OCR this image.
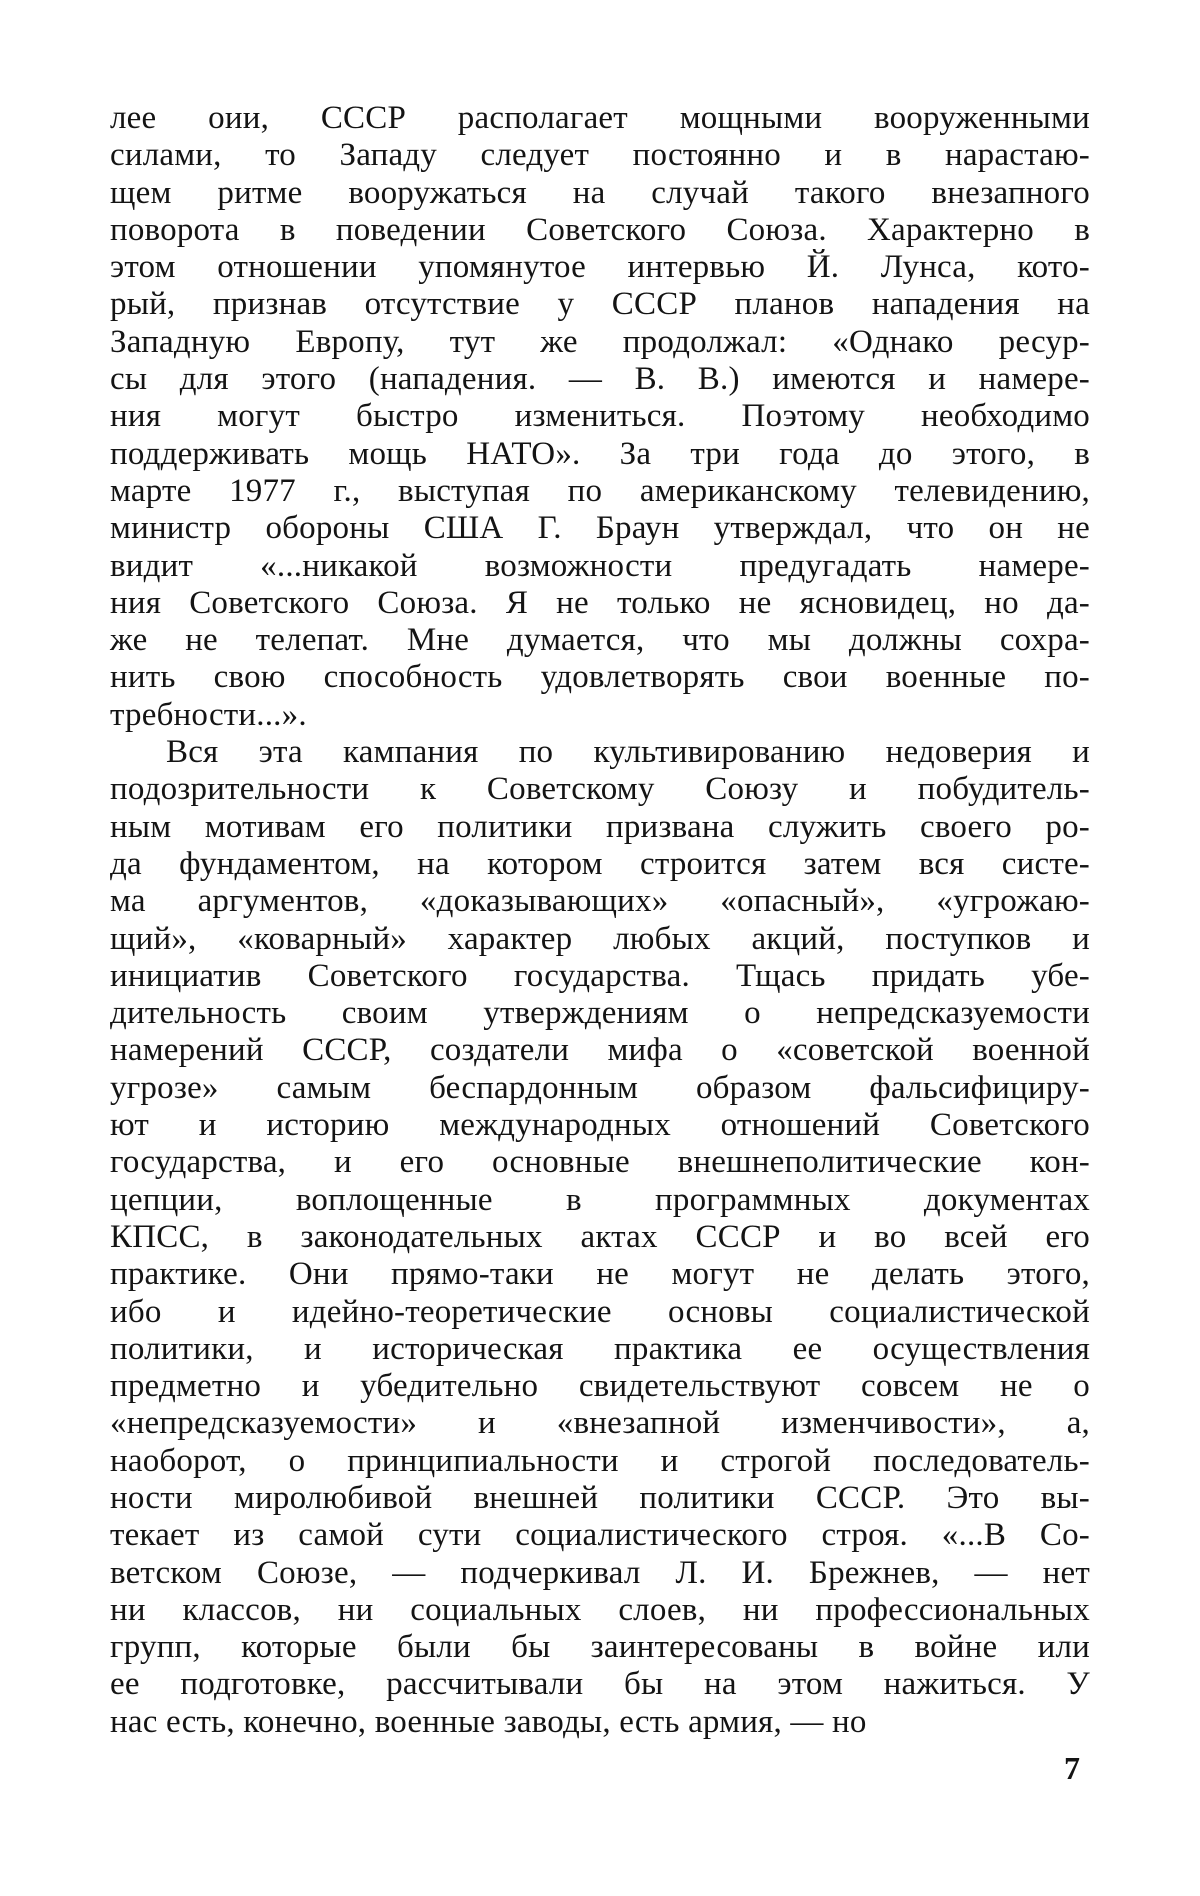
лее оии, СССР располагает мощными вооруженными
силами, то Западу следует постоянно и в нарастаю-
щем ритме вооружаться на случай такого внезапного
поворота в поведении Советского Союза. Характерно в
этом отношении упомянутое интервью Й. Лунса, кото-
рый, признав отсутствие у СССР планов нападения на
Западную Европу, тут же продолжал: «Однако ресур-
сы для этого (нападения. — В. В.) имеются и намере-
ния могут быстро изменитьcя. Поэтому необходимо
поддерживать мощь НАТО». За три года до этого, в
марте 1977 г., выступая по американскому телевидению,
министр обороны США Г. Браун утверждал, что он не
видит «...никакой возможности предугадать намере-
ния Советского Союза. Я не только не ясновидец, но да-
же не телепат. Мне думается, что мы должны сохра-
нить свою способность удовлетворять свои военные по-
требности...».
Вся эта кампания по культивированию недоверия и
подозрительности к Советскому Союзу и побудитель-
ным мотивам его политики призвана служить своего ро-
да фундаментом, на котором строится затем вся систе-
ма аргументов, «доказывающих» «опасный», «угрожаю-
щий», «коварный» характер любых акций, поступков и
инициатив Советского государства. Тщась придать убе-
дительность своим утверждениям о непредсказуемости
намерений СССР, создатели мифа о «советской военной
угрозе» самым беспардонным образом фальсифициру-
ют и историю международных отношений Советского
государства, и его основные внешнеполитические кон-
цепции, воплощенные в программных документах
КПСС, в законодательных актах СССР и во всей его
практике. Они прямо-таки не могут не делать этого,
ибо и идейно-теоретические основы социалистической
политики, и историческая практика ее осуществления
предметно и убедительно свидетельствуют совсем не о
«непредсказуемости» и «внезапной изменчивости», а,
наоборот, о принципиальности и строгой последователь-
ности миролюбивой внешней политики СССР. Это вы-
текает из самой сути социалистического строя. «...В Со-
ветском Союзе, — подчеркивал Л. И. Брежнев, — нет
ни классов, ни социальных слоев, ни профессиональных
групп, которые были бы заинтересованы в войне или
ее подготовке, рассчитывали бы на этом нажиться. У
нас есть, конечно, военные заводы, есть армия, — но
7
